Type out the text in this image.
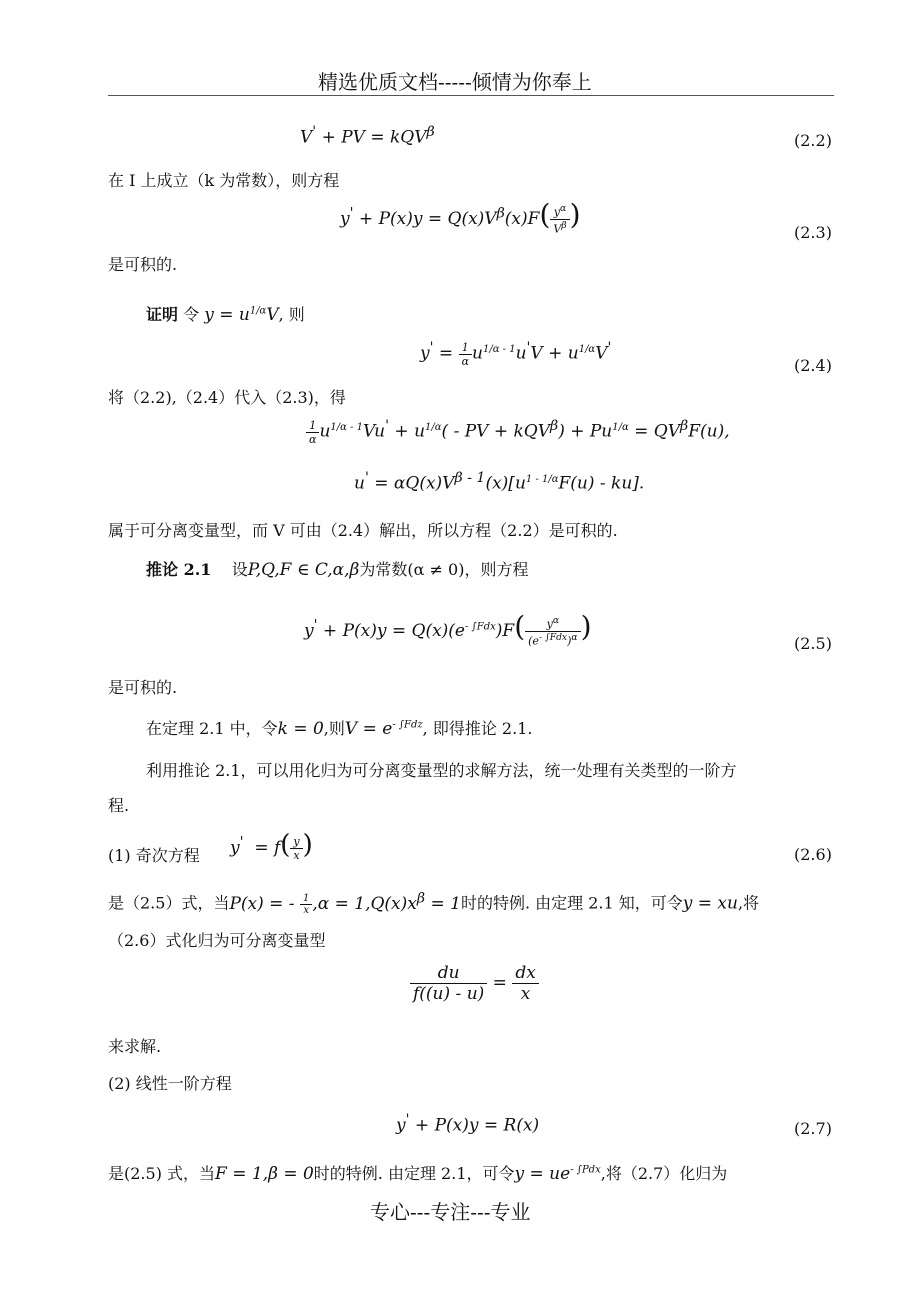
精选优质文档-----倾情为你奉上
V' + PV = kQV$^\beta$	(2.2)
在 I 上成立（k 为常数），则方程
$y' + P(x)y = Q(x)V^\beta(x)F( \frac{y^\alpha}{V^\beta}$ )
(2.3)
是可积的.
证明 令 $y = u^{1/\alpha}V$, 则
$y' = \frac{1}{\alpha} u^{1/\alpha - 1}u'V + u^{1/\alpha}V'$
(2.4)
将（2.2),（2.4）代入（2.3)，得
$\frac{1}{\alpha} u^{1/\alpha - 1}Vu' + u^{1/\alpha}$( - PV + $kQV^\beta) + Pu^{1/\alpha} = QV^\beta F(u)$,
$u' = \alpha Q(x)V^{\beta - 1}(x)[u^{1 - 1/\alpha}F(u) - ku]$.
属于可分离变量型，而 V 可由（2.4）解出，所以方程（2.2）是可积的.
推论 2.1 设P,Q,F ∈ C,α,β为常数(α ≠ 0)，则方程
$y' + P(x)y = Q(x)(e^{- \int Fdx})F( \frac{y^\alpha}{(e^{- \int Fdx})^\alpha}$ )
(2.5)
是可积的.
在定理 2.1 中，令k = 0,则$V = e^{- \int Fdz}$, 即得推论 2.1.
利用推论 2.1，可以用化归为可分离变量型的求解方法，统一处理有关类型的一阶方
程.
(1) 奇次方程 $y' = f( \frac{y}{x}$ )	(2.6)
是（2.5）式，当P(x) = - $\frac{1}{x} ,\alpha = 1,Q(x)x^\beta = 1$时的特例. 由定理 2.1 知，可令y = xu,将
（2.6）式化归为可分离变量型
$\frac{du}{f((u) - u)} = \frac{dx}{x}$
来求解.
(2) 线性一阶方程
y' + P(x)y = R(x)	(2.7)
是(2.5) 式，当F = 1,β = 0时的特例. 由定理 2.1，可令$y = ue^{- \int Pdx}$,将（2.7）化归为
专心---专注---专业
